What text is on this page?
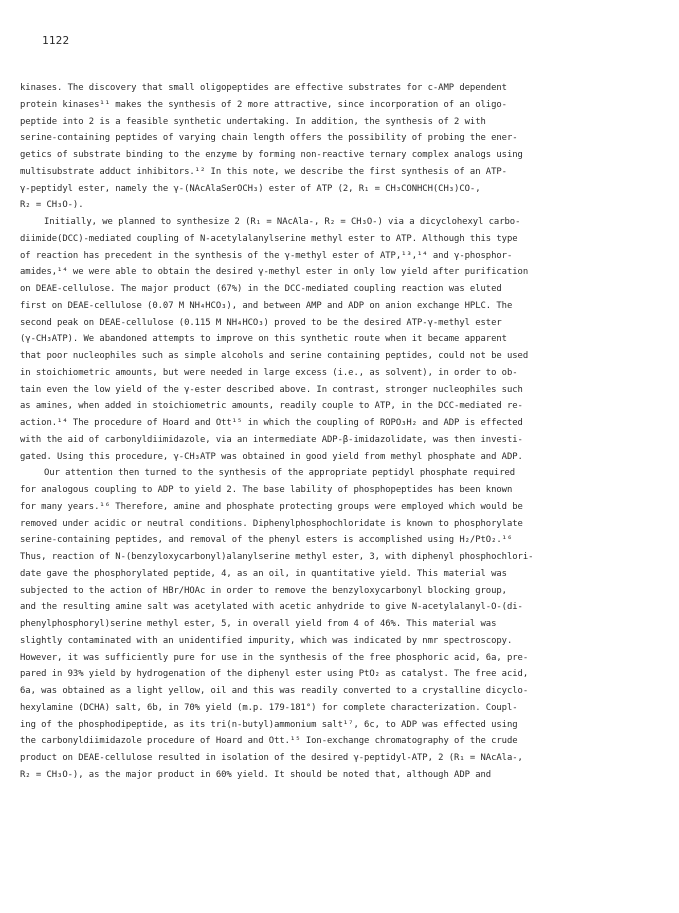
1122
kinases. The discovery that small oligopeptides are effective substrates for c-AMP dependent
protein kinases¹¹ makes the synthesis of 2 more attractive, since incorporation of an oligo-
peptide into 2 is a feasible synthetic undertaking. In addition, the synthesis of 2 with
serine-containing peptides of varying chain length offers the possibility of probing the ener-
getics of substrate binding to the enzyme by forming non-reactive ternary complex analogs using
multisubstrate adduct inhibitors.¹² In this note, we describe the first synthesis of an ATP-
γ-peptidyl ester, namely the γ-(NAcAlaSerOCH₃) ester of ATP (2, R₁ = CH₃CONHCH(CH₃)CO-,
R₂ = CH₃O-).
Initially, we planned to synthesize 2 (R₁ = NAcAla-, R₂ = CH₃O-) via a dicyclohexyl carbo-
diimide(DCC)-mediated coupling of N-acetylalanylserine methyl ester to ATP. Although this type
of reaction has precedent in the synthesis of the γ-methyl ester of ATP,¹³,¹⁴ and γ-phosphor-
amides,¹⁴ we were able to obtain the desired γ-methyl ester in only low yield after purification
on DEAE-cellulose. The major product (67%) in the DCC-mediated coupling reaction was eluted
first on DEAE-cellulose (0.07 M NH₄HCO₃), and between AMP and ADP on anion exchange HPLC. The
second peak on DEAE-cellulose (0.115 M NH₄HCO₃) proved to be the desired ATP-γ-methyl ester
(γ-CH₃ATP). We abandoned attempts to improve on this synthetic route when it became apparent
that poor nucleophiles such as simple alcohols and serine containing peptides, could not be used
in stoichiometric amounts, but were needed in large excess (i.e., as solvent), in order to ob-
tain even the low yield of the γ-ester described above. In contrast, stronger nucleophiles such
as amines, when added in stoichiometric amounts, readily couple to ATP, in the DCC-mediated re-
action.¹⁴ The procedure of Hoard and Ott¹⁵ in which the coupling of ROPO₃H₂ and ADP is effected
with the aid of carbonyldiimidazole, via an intermediate ADP-β-imidazolidate, was then investi-
gated. Using this procedure, γ-CH₃ATP was obtained in good yield from methyl phosphate and ADP.
Our attention then turned to the synthesis of the appropriate peptidyl phosphate required
for analogous coupling to ADP to yield 2. The base lability of phosphopeptides has been known
for many years.¹⁶ Therefore, amine and phosphate protecting groups were employed which would be
removed under acidic or neutral conditions. Diphenylphosphochloridate is known to phosphorylate
serine-containing peptides, and removal of the phenyl esters is accomplished using H₂/PtO₂.¹⁶
Thus, reaction of N-(benzyloxycarbonyl)alanylserine methyl ester, 3, with diphenyl phosphochlori-
date gave the phosphorylated peptide, 4, as an oil, in quantitative yield. This material was
subjected to the action of HBr/HOAc in order to remove the benzyloxycarbonyl blocking group,
and the resulting amine salt was acetylated with acetic anhydride to give N-acetylalanyl-O-(di-
phenylphosphoryl)serine methyl ester, 5, in overall yield from 4 of 46%. This material was
slightly contaminated with an unidentified impurity, which was indicated by nmr spectroscopy.
However, it was sufficiently pure for use in the synthesis of the free phosphoric acid, 6a, pre-
pared in 93% yield by hydrogenation of the diphenyl ester using PtO₂ as catalyst. The free acid,
6a, was obtained as a light yellow, oil and this was readily converted to a crystalline dicyclo-
hexylamine (DCHA) salt, 6b, in 70% yield (m.p. 179-181°) for complete characterization. Coupl-
ing of the phosphodipeptide, as its tri(n-butyl)ammonium salt¹⁷, 6c, to ADP was effected using
the carbonyldiimidazole procedure of Hoard and Ott.¹⁵ Ion-exchange chromatography of the crude
product on DEAE-cellulose resulted in isolation of the desired γ-peptidyl-ATP, 2 (R₁ = NAcAla-,
R₂ = CH₃O-), as the major product in 60% yield. It should be noted that, although ADP and
